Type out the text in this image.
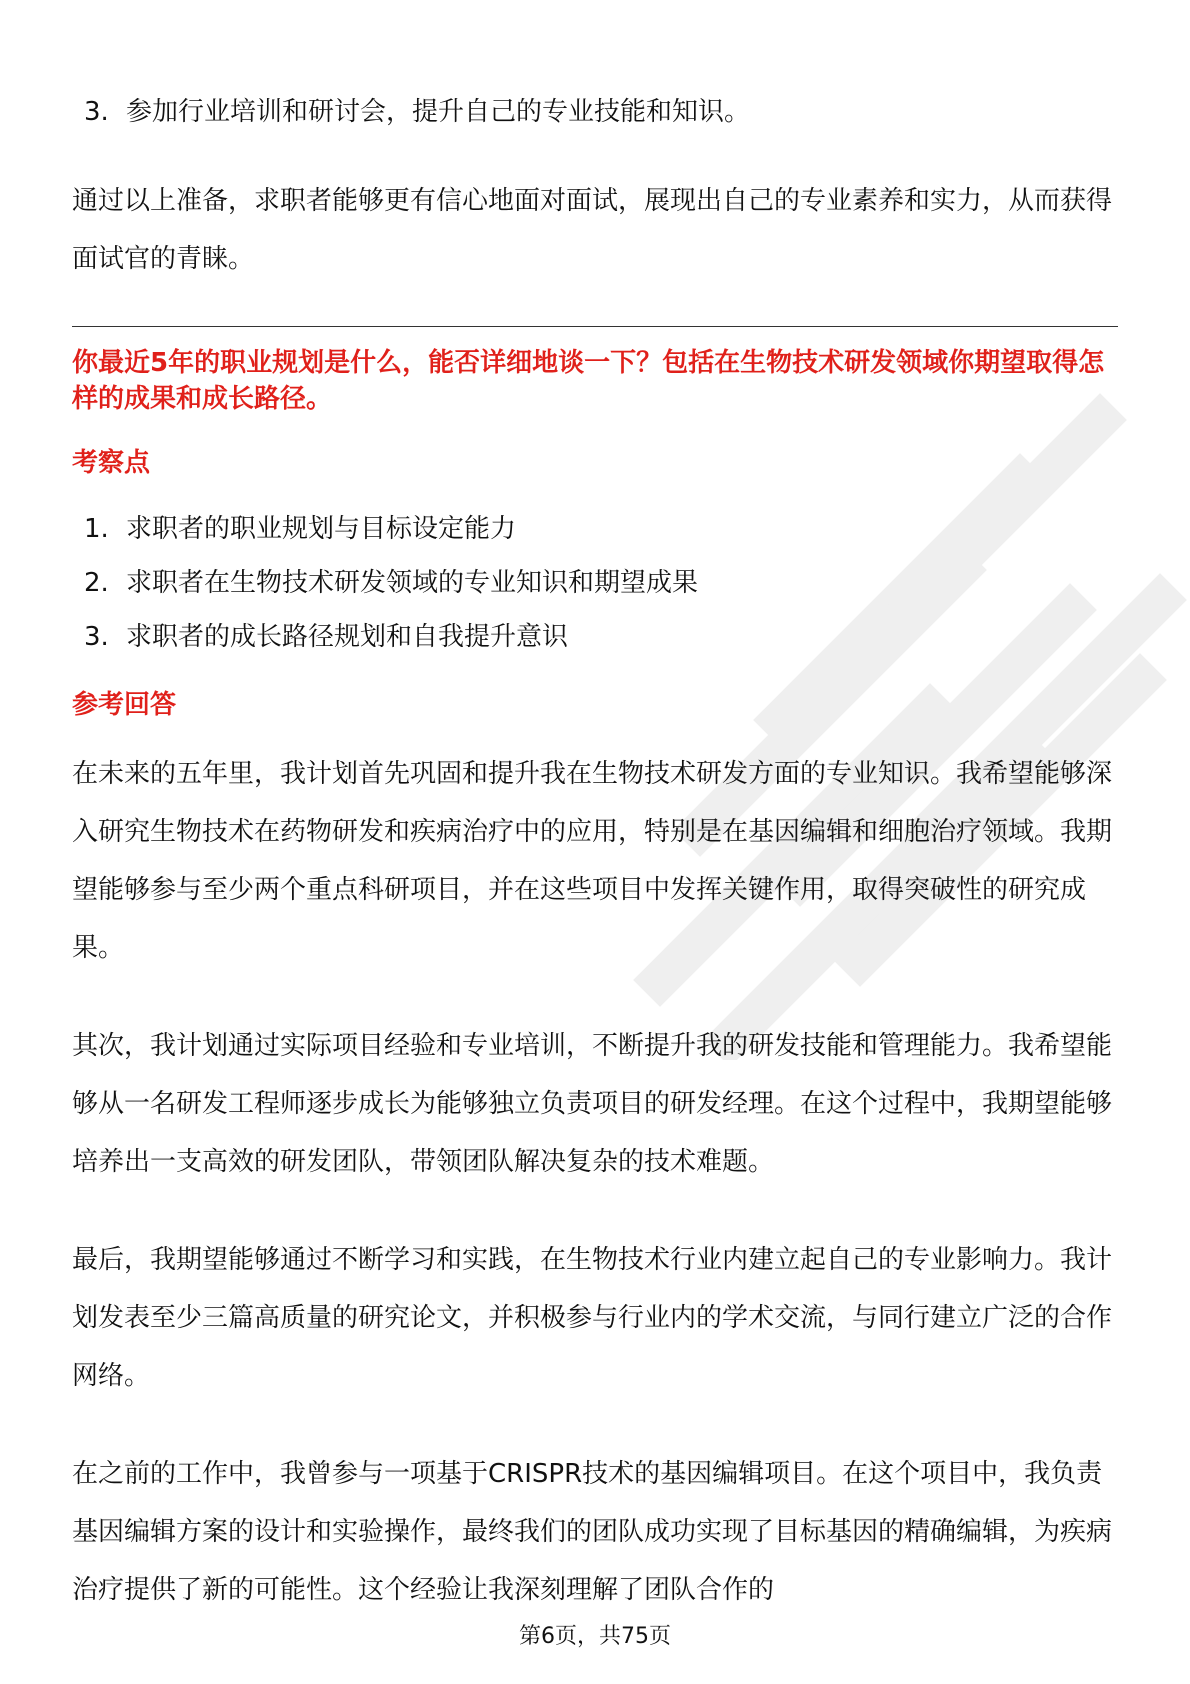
3. 参加行业培训和研讨会，提升自己的专业技能和知识。

通过以上准备，求职者能够更有信心地面对面试，展现出自己的专业素养和实力，从而获得面试官的青睐。

你最近5年的职业规划是什么，能否详细地谈一下？包括在生物技术研发领域你期望取得怎样的成果和成长路径。

考察点

1. 求职者的职业规划与目标设定能力
2. 求职者在生物技术研发领域的专业知识和期望成果
3. 求职者的成长路径规划和自我提升意识

参考回答

在未来的五年里，我计划首先巩固和提升我在生物技术研发方面的专业知识。我希望能够深入研究生物技术在药物研发和疾病治疗中的应用，特别是在基因编辑和细胞治疗领域。我期望能够参与至少两个重点科研项目，并在这些项目中发挥关键作用，取得突破性的研究成果。

其次，我计划通过实际项目经验和专业培训，不断提升我的研发技能和管理能力。我希望能够从一名研发工程师逐步成长为能够独立负责项目的研发经理。在这个过程中，我期望能够培养出一支高效的研发团队，带领团队解决复杂的技术难题。

最后，我期望能够通过不断学习和实践，在生物技术行业内建立起自己的专业影响力。我计划发表至少三篇高质量的研究论文，并积极参与行业内的学术交流，与同行建立广泛的合作网络。

在之前的工作中，我曾参与一项基于CRISPR技术的基因编辑项目。在这个项目中，我负责基因编辑方案的设计和实验操作，最终我们的团队成功实现了目标基因的精确编辑，为疾病治疗提供了新的可能性。这个经验让我深刻理解了团队合作的

第6页，共75页
